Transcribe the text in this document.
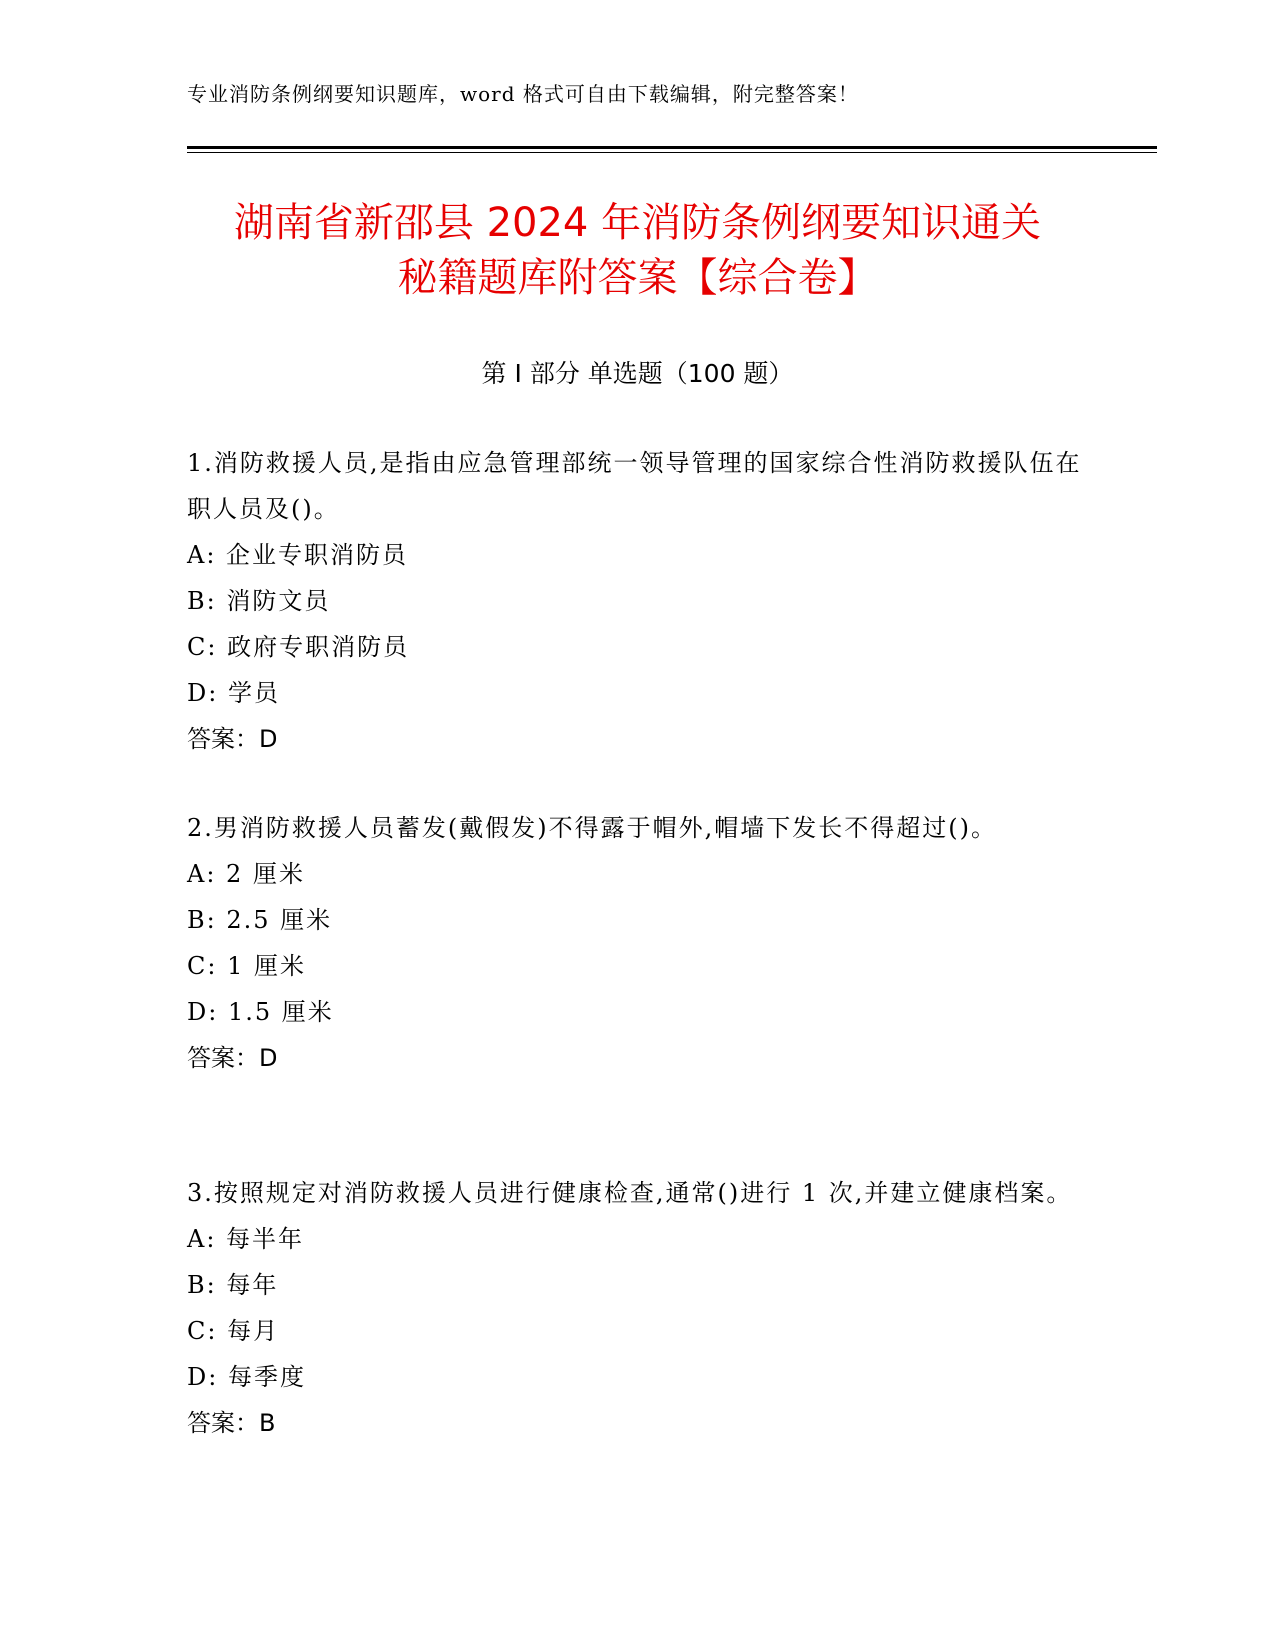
专业消防条例纲要知识题库，word 格式可自由下载编辑，附完整答案！
湖南省新邵县 2024 年消防条例纲要知识通关
秘籍题库附答案【综合卷】
第 I 部分 单选题（100 题）

1.消防救援人员,是指由应急管理部统一领导管理的国家综合性消防救援队伍在职人员及()。

A: 企业专职消防员

B: 消防文员

C: 政府专职消防员

D: 学员

答案：D

2.男消防救援人员蓄发(戴假发)不得露于帽外,帽墙下发长不得超过()。

A: 2 厘米

B: 2.5 厘米

C: 1 厘米

D: 1.5 厘米

答案：D

3.按照规定对消防救援人员进行健康检查,通常()进行 1 次,并建立健康档案。

A: 每半年

B: 每年

C: 每月

D: 每季度

答案：B
